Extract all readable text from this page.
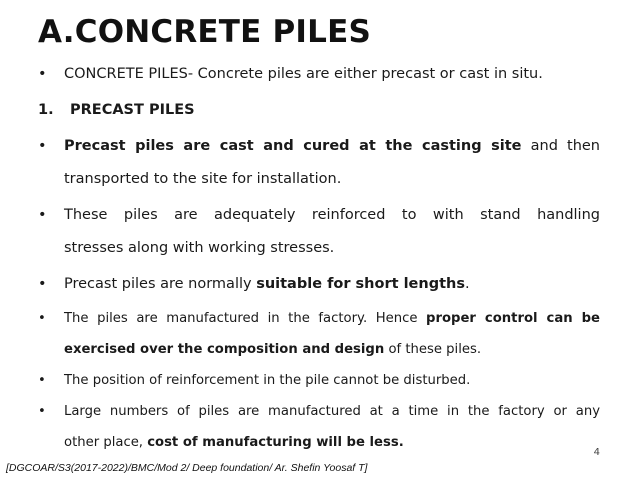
A.CONCRETE PILES
•	CONCRETE PILES- Concrete piles are either precast or cast in situ.
1.	PRECAST PILES
•	Precast piles are cast and cured at the casting site and then
transported to the site for installation.
•	These piles are adequately reinforced to with stand handling
stresses along with working stresses.
•	Precast piles are normally suitable for short lengths.
•	The piles are manufactured in the factory. Hence proper control can be
exercised over the composition and design of these piles.
•	The position of reinforcement in the pile cannot be disturbed.
•	Large numbers of piles are manufactured at a time in the factory or any
other place, cost of manufacturing will be less.
4
[DGCOAR/S3(2017-2022)/BMC/Mod 2/ Deep foundation/ Ar. Shefin Yoosaf T]
